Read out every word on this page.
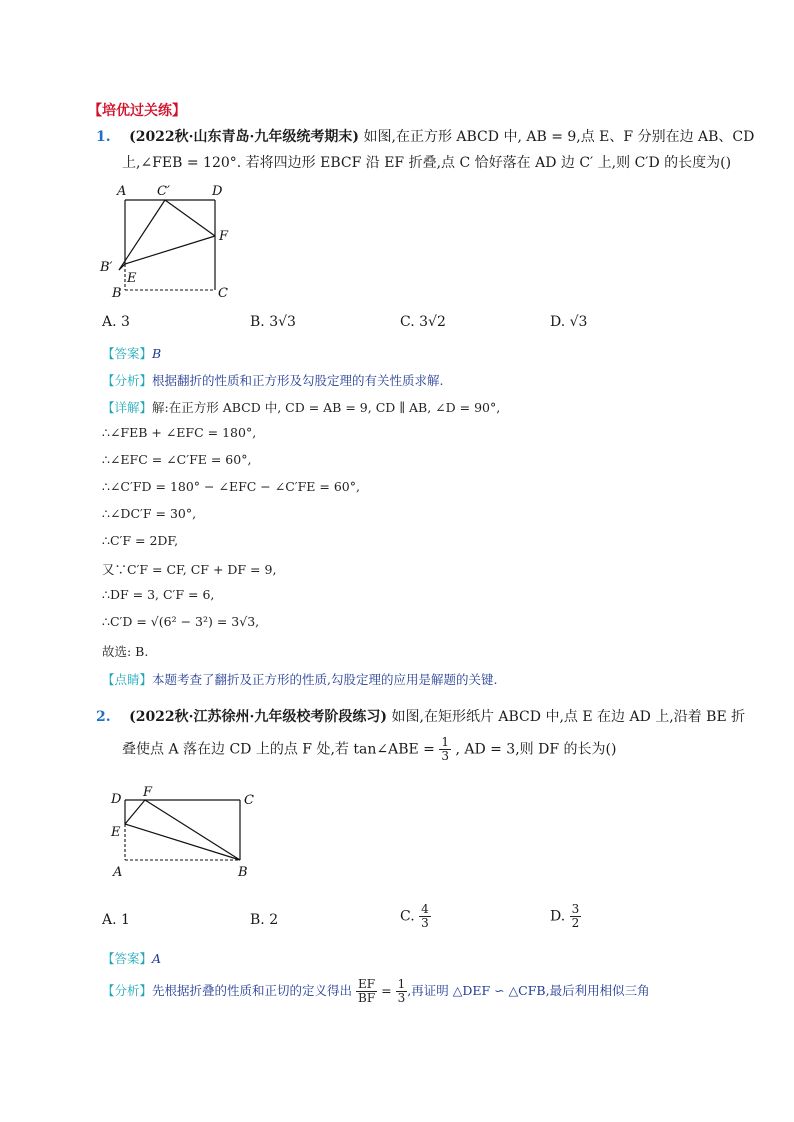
【培优过关练】
1. (2022秋·山东青岛·九年级统考期末) 如图,在正方形 ABCD 中, AB = 9,点 E、F 分别在边 AB、CD
上,∠FEB = 120°. 若将四边形 EBCF 沿 EF 折叠,点 C 恰好落在 AD 边 C′ 上,则 C′D 的长度为()
A C′	D
F
B′
E
B	C
A. 3	B. 3√3	C. 3√2	D. √3
【答案】B
【分析】根据翻折的性质和正方形及勾股定理的有关性质求解.
【详解】解:在正方形 ABCD 中, CD = AB = 9, CD ∥ AB, ∠D = 90°,
∴∠FEB + ∠EFC = 180°,
∴∠EFC = ∠C′FE = 60°,
∴∠C′FD = 180° − ∠EFC − ∠C′FE = 60°,
∴∠DC′F = 30°,
∴C′F = 2DF,
又∵C′F = CF, CF + DF = 9,
∴DF = 3, C′F = 6,
∴C′D = √(6² − 3²) = 3√3,
故选: B.
【点睛】本题考查了翻折及正方形的性质,勾股定理的应用是解题的关键.
2. (2022秋·江苏徐州·九年级校考阶段练习) 如图,在矩形纸片 ABCD 中,点 E 在边 AD 上,沿着 BE 折
叠使点 A 落在边 CD 上的点 F 处,若 tan∠ABE = $\frac{1}{3}$ , AD = 3,则 DF 的长为()
D F
C
E
A	B
A. 1	B. 2	C. $\frac{4}{3}$	D. $\frac{3}{2}$
【答案】A
【分析】先根据折叠的性质和正切的定义得出 $\frac{EF}{BF} = \frac{1}{3}$ ,再证明 △DEF ∽ △CFB,最后利用相似三角
